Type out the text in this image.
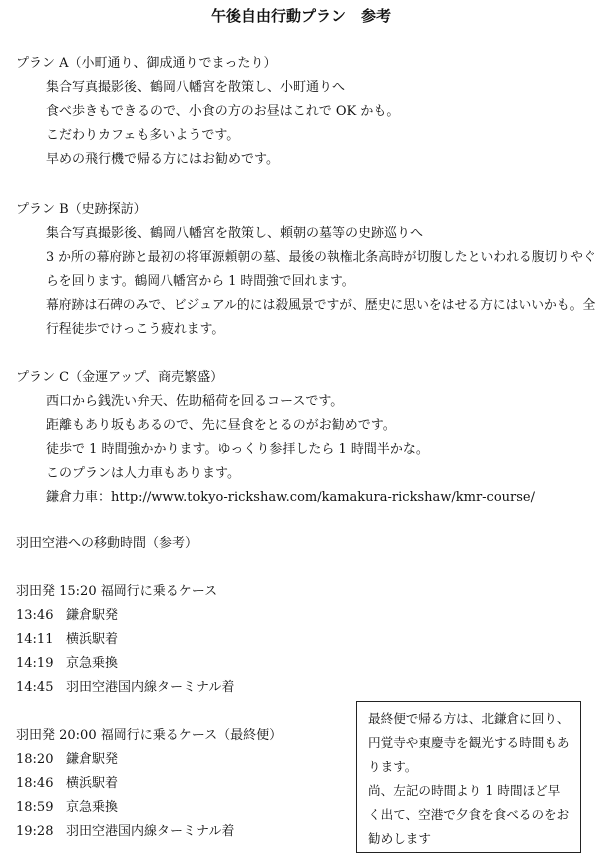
午後自由行動プラン　参考
プラン A（小町通り、御成通りでまったり）
集合写真撮影後、鶴岡八幡宮を散策し、小町通りへ
食べ歩きもできるので、小食の方のお昼はこれで OK かも。
こだわりカフェも多いようです。
早めの飛行機で帰る方にはお勧めです。
プラン B（史跡探訪）
集合写真撮影後、鶴岡八幡宮を散策し、頼朝の墓等の史跡巡りへ
3 か所の幕府跡と最初の将軍源頼朝の墓、最後の執権北条高時が切腹したといわれる腹切りやぐらを回ります。鶴岡八幡宮から 1 時間強で回れます。
幕府跡は石碑のみで、ビジュアル的には殺風景ですが、歴史に思いをはせる方にはいいかも。全行程徒歩でけっこう疲れます。
プラン C（金運アップ、商売繁盛）
西口から銭洗い弁天、佐助稲荷を回るコースです。
距離もあり坂もあるので、先に昼食をとるのがお勧めです。
徒歩で 1 時間強かかります。ゆっくり参拝したら 1 時間半かな。
このプランは人力車もあります。
鎌倉力車：http://www.tokyo-rickshaw.com/kamakura-rickshaw/kmr-course/
羽田空港への移動時間（参考）
羽田発 15:20 福岡行に乗るケース
13:46 鎌倉駅発
14:11 横浜駅着
14:19 京急乗換
14:45 羽田空港国内線ターミナル着
羽田発 20:00 福岡行に乗るケース（最終便）
18:20 鎌倉駅発
18:46 横浜駅着
18:59 京急乗換
19:28 羽田空港国内線ターミナル着

最終便で帰る方は、北鎌倉に回り、円覚寺や東慶寺を観光する時間もあります。

尚、左記の時間より 1 時間ほど早く出て、空港で夕食を食べるのをお勧めします
